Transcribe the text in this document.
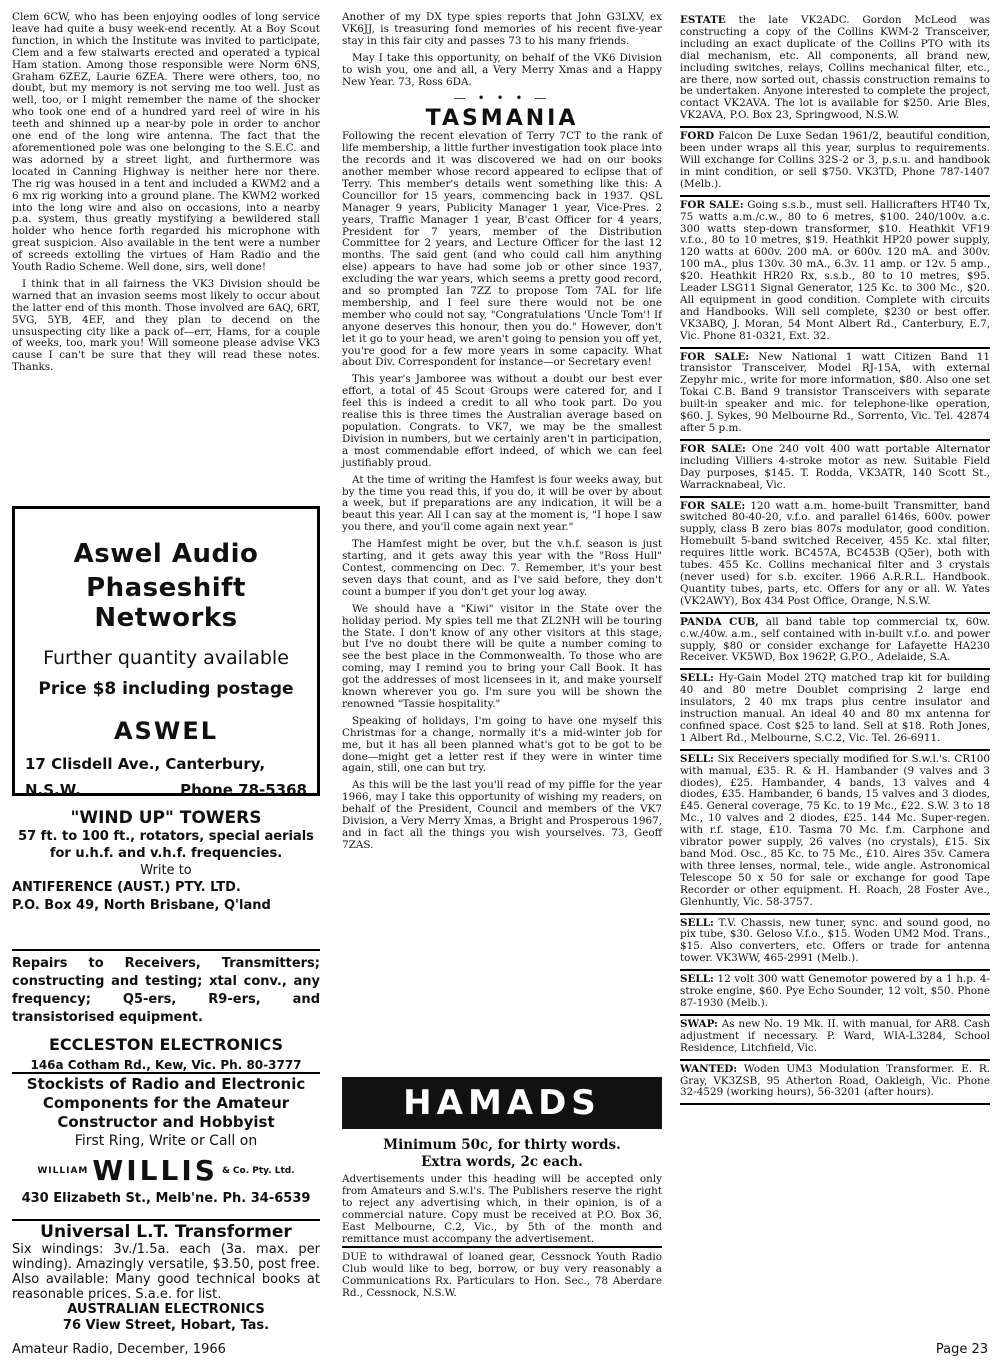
Clem 6CW, who has been enjoying oodles of long service leave had quite a busy week-end recently. At a Boy Scout function, in which the Institute was invited to participate, Clem and a few stalwarts erected and operated a typical Ham station. Among those responsible were Norm 6NS, Graham 6ZEZ, Laurie 6ZEA. There were others, too, no doubt, but my memory is not serving me too well. Just as well, too, or I might remember the name of the shocker who took one end of a hundred yard reel of wire in his teeth and shinned up a near-by pole in order to anchor one end of the long wire antenna. The fact that the aforementioned pole was one belonging to the S.E.C. and was adorned by a street light, and furthermore was located in Canning Highway is neither here nor there. The rig was housed in a tent and included a KWM2 and a 6 mx rig working into a ground plane. The KWM2 worked into the long wire and also on occasions, into a nearby p.a. system, thus greatly mystifying a bewildered stall holder who hence forth regarded his microphone with great suspicion. Also available in the tent were a number of screeds extolling the virtues of Ham Radio and the Youth Radio Scheme. Well done, sirs, well done!

I think that in all fairness the VK3 Division should be warned that an invasion seems most likely to occur about the latter end of this month. Those involved are 6AQ, 6RT, 5VG, 5YB, 4EF, and they plan to decend on the unsuspecting city like a pack of—err, Hams, for a couple of weeks, too, mark you! Will someone please advise VK3 cause I can't be sure that they will read these notes. Thanks.

Aswel Audio
Phaseshift Networks
Further quantity available
Price $8 including postage
ASWEL
17 Clisdell Ave., Canterbury,
N.S.W.	Phone 78-5368
"WIND UP" TOWERS
57 ft. to 100 ft., rotators, special aerials
for u.h.f. and v.h.f. frequencies.
Write to
ANTIFERENCE (AUST.) PTY. LTD.
P.O. Box 49, North Brisbane, Q'land
Repairs to Receivers, Transmitters; constructing and testing; xtal conv., any frequency; Q5-ers, R9-ers, and transistorised equipment.
ECCLESTON ELECTRONICS
146a Cotham Rd., Kew, Vic. Ph. 80-3777
Stockists of Radio and Electronic
Components for the Amateur
Constructor and Hobbyist
First Ring, Write or Call on
WILLIAM WILLIS & Co. Pty. Ltd.
430 Elizabeth St., Melb'ne. Ph. 34-6539
Universal L.T. Transformer
Six windings: 3v./1.5a. each (3a. max. per winding). Amazingly versatile, $3.50, post free. Also available: Many good technical books at reasonable prices. S.a.e. for list.
AUSTRALIAN ELECTRONICS
76 View Street, Hobart, Tas.

Another of my DX type spies reports that John G3LXV, ex VK6JJ, is treasuring fond memories of his recent five-year stay in this fair city and passes 73 to his many friends.

May I take this opportunity, on behalf of the VK6 Division to wish you, one and all, a Very Merry Xmas and a Happy New Year. 73, Ross 6DA.

— • • • —
TASMANIA

Following the recent elevation of Terry 7CT to the rank of life membership, a little further investigation took place into the records and it was discovered we had on our books another member whose record appeared to eclipse that of Terry. This member's details went something like this: A Councillor for 15 years, commencing back in 1937. QSL Manager 9 years, Publicity Manager 1 year, Vice-Pres. 2 years, Traffic Manager 1 year, B'cast Officer for 4 years, President for 7 years, member of the Distribution Committee for 2 years, and Lecture Officer for the last 12 months. The said gent (and who could call him anything else) appears to have had some job or other since 1937, excluding the war years, which seems a pretty good record, and so prompted Ian 7ZZ to propose Tom 7AL for life membership, and I feel sure there would not be one member who could not say, "Congratulations 'Uncle Tom'! If anyone deserves this honour, then you do." However, don't let it go to your head, we aren't going to pension you off yet, you're good for a few more years in some capacity. What about Div. Correspondent for instance—or Secretary even!

This year's Jamboree was without a doubt our best ever effort, a total of 45 Scout Groups were catered for, and I feel this is indeed a credit to all who took part. Do you realise this is three times the Australian average based on population. Congrats. to VK7, we may be the smallest Division in numbers, but we certainly aren't in participation, a most commendable effort indeed, of which we can feel justifiably proud.

At the time of writing the Hamfest is four weeks away, but by the time you read this, if you do, it will be over by about a week, but if preparations are any indication, it will be a beaut this year. All I can say at the moment is, "I hope I saw you there, and you'll come again next year."

The Hamfest might be over, but the v.h.f. season is just starting, and it gets away this year with the "Ross Hull" Contest, commencing on Dec. 7. Remember, it's your best seven days that count, and as I've said before, they don't count a bumper if you don't get your log away.

We should have a "Kiwi" visitor in the State over the holiday period. My spies tell me that ZL2NH will be touring the State. I don't know of any other visitors at this stage, but I've no doubt there will be quite a number coming to see the best place in the Commonwealth. To those who are coming, may I remind you to bring your Call Book. It has got the addresses of most licensees in it, and make yourself known wherever you go. I'm sure you will be shown the renowned "Tassie hospitality."

Speaking of holidays, I'm going to have one myself this Christmas for a change, normally it's a mid-winter job for me, but it has all been planned what's got to be got to be done—might get a letter rest if they were in winter time again, still, one can but try.

As this will be the last you'll read of my piffle for the year 1966, may I take this opportunity of wishing my readers, on behalf of the President, Council and members of the VK7 Division, a Very Merry Xmas, a Bright and Prosperous 1967, and in fact all the things you wish yourselves. 73, Geoff 7ZAS.

HAMADS
Minimum 50c, for thirty words.
Extra words, 2c each.
Advertisements under this heading will be accepted only from Amateurs and S.w.l's. The Publishers reserve the right to reject any advertising which, in their opinion, is of a commercial nature. Copy must be received at P.O. Box 36, East Melbourne, C.2, Vic., by 5th of the month and remittance must accompany the advertisement.
DUE to withdrawal of loaned gear, Cessnock Youth Radio Club would like to beg, borrow, or buy very reasonably a Communications Rx. Particulars to Hon. Sec., 78 Aberdare Rd., Cessnock, N.S.W.
ESTATE the late VK2ADC. Gordon McLeod was constructing a copy of the Collins KWM-2 Transceiver, including an exact duplicate of the Collins PTO with its dial mechanism, etc. All components, all brand new, including switches, relays, Collins mechanical filter, etc., are there, now sorted out, chassis construction remains to be undertaken. Anyone interested to complete the project, contact VK2AVA. The lot is available for $250. Arie Bles, VK2AVA, P.O. Box 23, Springwood, N.S.W.
FORD Falcon De Luxe Sedan 1961/2, beautiful condition, been under wraps all this year, surplus to requirements. Will exchange for Collins 32S-2 or 3, p.s.u. and handbook in mint condition, or sell $750. VK3TD, Phone 787-1407 (Melb.).
FOR SALE: Going s.s.b., must sell. Hallicrafters HT40 Tx, 75 watts a.m./c.w., 80 to 6 metres, $100. 240/100v. a.c. 300 watts step-down transformer, $10. Heathkit VF19 v.f.o., 80 to 10 metres, $19. Heathkit HP20 power supply, 120 watts at 600v. 200 mA. or 600v. 120 mA. and 300v. 100 mA., plus 130v. 30 mA., 6.3v. 11 amp. or 12v. 5 amp., $20. Heathkit HR20 Rx, s.s.b., 80 to 10 metres, $95. Leader LSG11 Signal Generator, 125 Kc. to 300 Mc., $20. All equipment in good condition. Complete with circuits and Handbooks. Will sell complete, $230 or best offer. VK3ABQ, J. Moran, 54 Mont Albert Rd., Canterbury, E.7, Vic. Phone 81-0321, Ext. 32.
FOR SALE: New National 1 watt Citizen Band 11 transistor Transceiver, Model RJ-15A, with external Zepyhr mic., write for more information, $80. Also one set Tokai C.B. Band 9 transistor Transceivers with separate built-in speaker and mic. for telephone-like operation, $60. J. Sykes, 90 Melbourne Rd., Sorrento, Vic. Tel. 42874 after 5 p.m.
FOR SALE: One 240 volt 400 watt portable Alternator including Villiers 4-stroke motor as new. Suitable Field Day purposes, $145. T. Rodda, VK3ATR, 140 Scott St., Warracknabeal, Vic.
FOR SALE: 120 watt a.m. home-built Transmitter, band switched 80-40-20, v.f.o. and parallel 6146s, 600v. power supply, class B zero bias 807s modulator, good condition. Homebuilt 5-band switched Receiver, 455 Kc. xtal filter, requires little work. BC457A, BC453B (Q5er), both with tubes. 455 Kc. Collins mechanical filter and 3 crystals (never used) for s.b. exciter. 1966 A.R.R.L. Handbook. Quantity tubes, parts, etc. Offers for any or all. W. Yates (VK2AWY), Box 434 Post Office, Orange, N.S.W.
PANDA CUB, all band table top commercial tx, 60w. c.w./40w. a.m., self contained with in-built v.f.o. and power supply, $80 or consider exchange for Lafayette HA230 Receiver. VK5WD, Box 1962P, G.P.O., Adelaide, S.A.
SELL: Hy-Gain Model 2TQ matched trap kit for building 40 and 80 metre Doublet comprising 2 large end insulators, 2 40 mx traps plus centre insulator and instruction manual. An ideal 40 and 80 mx antenna for confined space. Cost $25 to land. Sell at $18. Roth Jones, 1 Albert Rd., Melbourne, S.C.2, Vic. Tel. 26-6911.
SELL: Six Receivers specially modified for S.w.l.'s. CR100 with manual, £35. R. & H. Hambander (9 valves and 3 diodes), £25. Hambander, 4 bands, 13 valves and 4 diodes, £35. Hambander, 6 bands, 15 valves and 3 diodes, £45. General coverage, 75 Kc. to 19 Mc., £22. S.W. 3 to 18 Mc., 10 valves and 2 diodes, £25. 144 Mc. Super-regen. with r.f. stage, £10. Tasma 70 Mc. f.m. Carphone and vibrator power supply, 26 valves (no crystals), £15. Six band Mod. Osc., 85 Kc. to 75 Mc., £10. Aires 35v. Camera with three lenses, normal, tele., wide angle. Astronomical Telescope 50 x 50 for sale or exchange for good Tape Recorder or other equipment. H. Roach, 28 Foster Ave., Glenhuntly, Vic. 58-3757.
SELL: T.V. Chassis, new tuner, sync. and sound good, no pix tube, $30. Geloso V.f.o., $15. Woden UM2 Mod. Trans., $15. Also converters, etc. Offers or trade for antenna tower. VK3WW, 465-2991 (Melb.).
SELL: 12 volt 300 watt Genemotor powered by a 1 h.p. 4-stroke engine, $60. Pye Echo Sounder, 12 volt, $50. Phone 87-1930 (Melb.).
SWAP: As new No. 19 Mk. II. with manual, for AR8. Cash adjustment if necessary. P. Ward, WIA-L3284, School Residence, Litchfield, Vic.
WANTED: Woden UM3 Modulation Transformer. E. R. Gray, VK3ZSB, 95 Atherton Road, Oakleigh, Vic. Phone 32-4529 (working hours), 56-3201 (after hours).
Amateur Radio, December, 1966	Page 23
